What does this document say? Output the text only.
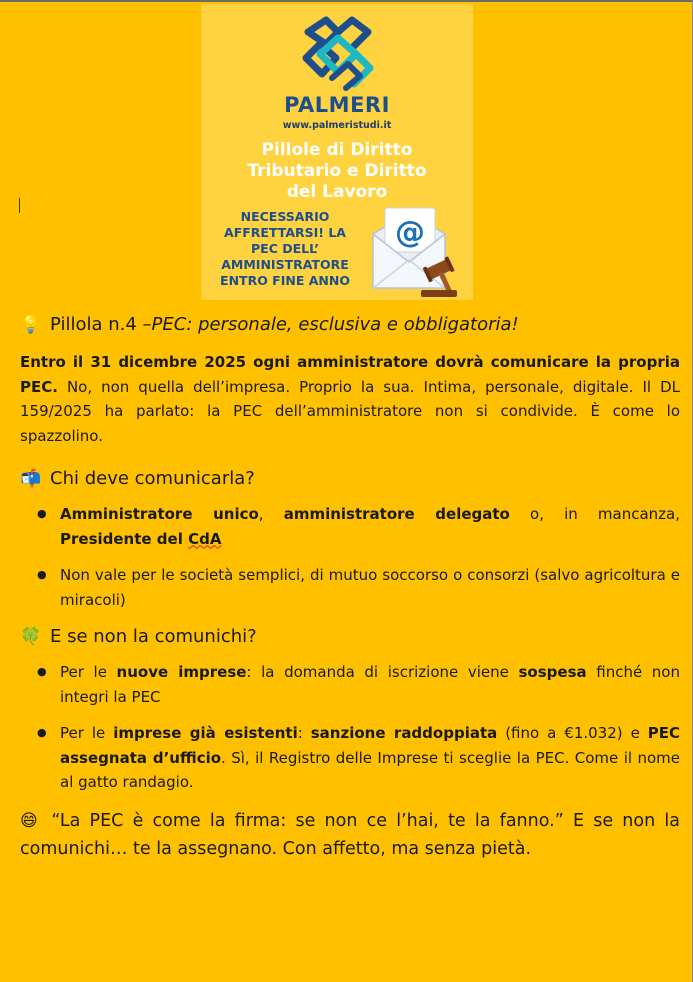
PALMERI
www.palmeristudi.it
Pillole di Diritto
Tributario e Diritto
del Lavoro
NECESSARIO
AFFRETTARSI! LA
PEC DELL’
AMMINISTRATORE
ENTRO FINE ANNO
@
💡 Pillola n.4 – PEC: personale, esclusiva e obbligatoria!

Entro il 31 dicembre 2025 ogni amministratore dovrà comunicare la propria PEC. No, non quella dell’impresa. Proprio la sua. Intima, personale, digitale. Il DL 159/2025 ha parlato: la PEC dell’amministratore non si condivide. È come lo spazzolino.

📬 Chi deve comunicarla?
● Amministratore unico, amministratore delegato o, in mancanza, Presidente del CdA
● Non vale per le società semplici, di mutuo soccorso o consorzi (salvo agricoltura e miracoli)
🍀 E se non la comunichi?
● Per le nuove imprese: la domanda di iscrizione viene sospesa finché non integri la PEC
● Per le imprese già esistenti: sanzione raddoppiata (fino a €1.032) e PEC assegnata d’ufficio. Sì, il Registro delle Imprese ti sceglie la PEC. Come il nome al gatto randagio.

😄 “La PEC è come la firma: se non ce l’hai, te la fanno.” E se non la comunichi… te la assegnano. Con affetto, ma senza pietà.
